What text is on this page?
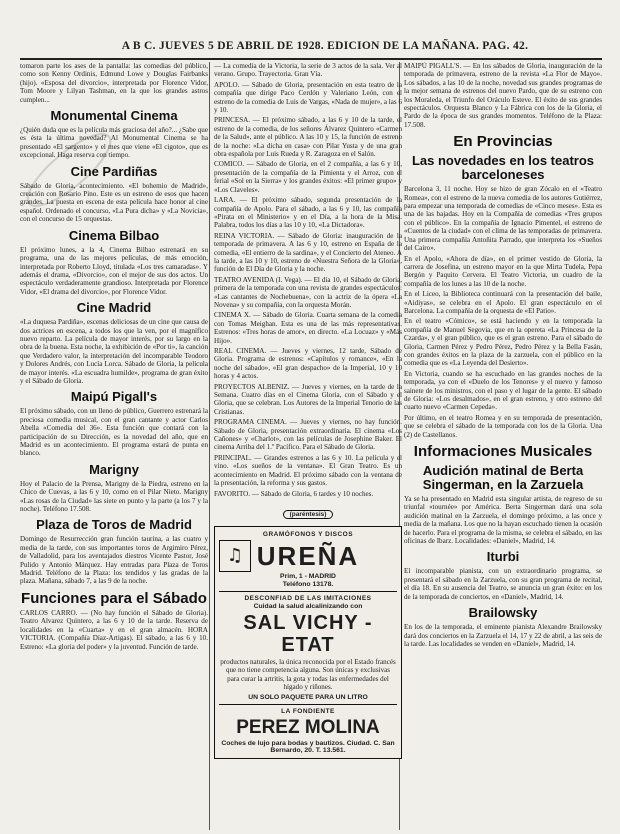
A B C. JUEVES 5 DE ABRIL DE 1928. EDICION DE LA MAÑANA. PAG. 42.

tomaron parte los ases de la pantalla: las comedias del público, como son Kenny Ordinis, Edmund Lowe y Douglas Fairbanks (hijo). «Esposa del divorcio», interpretada por Florence Vidor, Tom Moore y Lilyan Tashman, en la que los grandes astros cumplen...

Monumental Cinema

¿Quién duda que es la película más graciosa del año?... ¿Sabe que es ésta la última novedad? Al Monumental Cinema se ha presentado «El sargento» y el mes que viene «El cigoto», que es excepcional. Haga reserva con tiempo.

Cine Pardiñas

Sábado de Gloria, acontecimiento. «El bohemio de Madrid», creación con Rosario Pino. Este es un estreno de esos que hacen grandes. La puesta en escena de esta película hace honor al cine español. Ordenado el concurso, «La Pura dicha» y «La Novicia», con el concurso de 15 orquestas.

Cinema Bilbao

El próximo lunes, a la 4, Cinema Bilbao estrenará en su programa, una de las mejores películas, de más emoción, interpretada por Roberto Lloyd, titulada «Los tres camaradas». Y además el drama, «Divorcio», con el mejor de sus dos actos. Un espectáculo verdaderamente grandioso. Interpretada por Florence Vidor, «El drama del divorcio», por Florence Vidor.

Cine Madrid

«La duquesa Pardiña», escenas deliciosas de un cine que causa de dos actrices en escena, a todos los que la ven, por el magnífico nuevo reparto. La película de mayor interés, por su largo en la obra de la buena. Esta noche, la exhibición de «Por ti», la canción que Verdadero valor, la interpretación del incomparable Teodoro y Dolores Andrés, con Lucía Lorca. Sábado de Gloria, la película de mayor interés. «La escuadra humilde», programa de gran éxito y el Sábado de Gloria.

Maipú Pigall's

El próximo sábado, con un lleno de público, Guerrero estrenará la preciosa comedia musical, con el gran cantante y actor Carlos Abella «Comedia del 36». Esta función que contará con la participación de su Dirección, es la novedad del año, que en Madrid es un acontecimiento. El programa estará de punta en blanco.

Marigny

Hoy el Palacio de la Prensa, Marigny de la Piedra, estreno en la Chico de Cuevas, a las 6 y 10, como en el Pilar Nieto. Marigny «Las rosas de la Ciudad» las siete en punto y la parte (a los 7 y la noche). Teléfono 17.508.

Plaza de Toros de Madrid

Domingo de Resurrección gran función taurina, a las cuatro y media de la tarde, con sus importantes toros de Argimiro Pérez, de Valladolid, para los aventajados diestros Vicente Pastor, José Pulido y Antonio Márquez. Hay entradas para Plaza de Toros Madrid. Teléfono de la Plaza: los tendidos y las gradas de la plaza. Mañana, sábado 7, a las 9 de la noche.

Funciones para el Sábado

CARLOS CARRO. — (No hay función el Sábado de Gloria). Teatro Alvarez Quintero, a las 6 y 10 de la tarde. Reserva de localidades en la «Cuarta» y en el gran almacén. HORA VICTORIA. (Compañía Díaz-Artigas). El sábado, a las 6 y 10. Estreno: «La gloria del poder» y la juventud. Función de tarde.

— La comedia de la Victoria, la serie de 3 actos de la sala. Ver al verano. Grupo. Trayectoria. Gran Vía.

APOLO. — Sábado de Gloria, presentación en esta teatro de la compañía que dirige Paco Cerdón y Valeriano León, con el estreno de la comedia de Luis de Vargas, «Nada de mujer», a las 6 y 10.

PRINCESA. — El próximo sábado, a las 6 y 10 de la tarde, el estreno de la comedia, de los señores Álvarez Quintero «Carmen de la Salud», ante el público. A las 10 y 15, la función de estreno de la noche: «La dicha en casa» con Pilar Yusta y de una gran obra española por Luis Rueda y R. Zaragoza en el Salón.

COMICO. — Sábado de Gloria, en el 2 compañía, a las 6 y 10, presentación de la compañía de la Pimienta y el Arroz, con el ferial «Sol en la Sierra» y los grandes éxitos: «El primer grupo» y «Los Claveles».

LARA. — El próximo sábado, segunda presentación de la compañía de Apolo. Para el sábado, a las 6 y 10, las compañía «Pirata en el Ministerio» y en el Día, a la hora de la Misa. Palabra, todos los días a las 10 y 10, «La Dictadora».

REINA VICTORIA. — Sábado de Gloria: inauguración de la temporada de primavera. A las 6 y 10, estreno en España de la comedia, «El entierro de la sardina», y el Concierto del Ateneo. A la tarde, a las 10 y 10, estreno de «Nuestra Señora de la Gloria», función de El Día de Gloria y la noche.

TEATRO AVENIDA (I. Vega). — El día 10, el Sábado de Gloria, primera de la temporada con una revista de grandes espectáculos: «Las cantantes de Nochebuena», con la actriz de la ópera «La Novena» y su compañía, con la orquesta Morán.

CINEMA X. — Sábado de Gloria. Cuarta semana de la comedia con Tomas Meighan. Esta es una de las más representativas. Estrenos: «Tres horas de amor», en directo. «La Locuaz» y «Más Hijo».

REAL CINEMA. — Jueves y viernes, 12 tarde, Sábado de Gloria. Programa de estrenos: «Capítulos y romance», «En la noche del sábado», «El gran despacho» de la Imperial, 10 y 10 horas y 4 actos.

PROYECTOS ALBENIZ. — Jueves y viernes, en la tarde de la Semana. Cuatro días en el Cinema Gloria, con el Sábado y el Gloria, que se celebran. Los Autores de la Imperial Tenorio de las Cristianas.

PROGRAMA CINEMA. — Jueves y viernes, no hay función. Sábado de Gloria, presentación extraordinaria. El cinema «Los Cañones» y «Charlot», con las películas de Josephine Baker. El cinema Arriba del 1.º Pacífico. Para el Sábado de Gloria.

PRINCIPAL. — Grandes estrenos a las 6 y 10. La película y el vino. «Los sueños de la ventana». El Gran Teatro. Es un acontecimiento en Madrid. El próximo sábado con la ventana de la presentación, la reforma y sus gastos.

FAVORITO. — Sábado de Gloria, 6 tardes y 10 noches.

(paréntesis)
GRAMÓFONOS Y DISCOS
♫ UREÑA
Prim, 1 - MADRID
Teléfono 13178.
DESCONFIAD DE LAS IMITACIONES
Cuidad la salud alcalinizando con
SAL VICHY - ETAT

productos naturales, la única reconocida por el Estado francés que no tiene competencia alguna. Son únicas y exclusivas para curar la artritis, la gota y todas las enfermedades del hígado y riñones.

UN SOLO PAQUETE PARA UN LITRO
LA FONDIENTE
PEREZ MOLINA
Coches de lujo para bodas y bautizos. Ciudad. C. San Bernardo, 20. T. 13.561.

MAIPÚ PIGALL'S. — En los sábados de Gloria, inauguración de la temporada de primavera, estreno de la revista «La Flor de Mayo». Los sábados, a las 10 de la noche, novedad sus grandes programas de la mejor semana de estrenos del nuevo Pardo, que de su estreno con los Moraleda, el Triunfo del Oráculo Esteve. El éxito de sus grandes espectáculos. Orquesta Blanco y La Fábrica con los de la Gloria, el Pardo de la época de sus grandes momentos. Teléfono de la Plaza: 17.508.

En Provincias
Las novedades en los teatros barceloneses

Barcelona 3, 11 noche. Hoy se hizo de gran Zócalo en el «Teatro Romea», con el estreno de la nueva comedia de los autores Gutiérrez, para empezar una temporada de comedias de «Cinco meses». Esta es una de las bajadas. Hoy en la Compañía de comedias «Tres grupos con el público». En la compañía de Ignacio Pimentel, el estreno de «Cuentos de la ciudad» con el clima de las temporadas de primavera. Una primera compañía Antoñita Parrado, que interpreta los «Sueños del Cairo».

En el Apolo, «Ahora de día», en el primer vestido de Gloria, la carrera de Josefina, un estreno mayor en la que Mirta Tudela, Pepa Bergón y Paquito Cervera. El Teatro Victoria, un cuadro de la compañía de los lunes a las 10 de la noche.

En el Liceo, la Biblioteca continuará con la presentación del baile, «Aidiyas», se celebra en el Apolo. El gran espectáculo en el Barcelona. La compañía de la orquesta de «El Patio».

En el teatro «Cómico», se está haciendo y en la temporada la compañía de Manuel Segovia, que en la opereta «La Princesa de la Czarda», y el gran público, que es el gran estreno. Para el sábado de Gloria, Carmen Pérez y Pedro Pérez, Pedro Pérez y la Bella Fasán, con grandes éxitos en la plaza de la zarzuela, con el público en la comedia que es «La Leyenda del Desierto».

En Victoria, cuando se ha escuchado en las grandes noches de la temporada, ya con el «Duelo de los Tenores» y el nuevo y famoso sainete de los ministros, con el paso y el lugar de la gente. El sábado de Gloria: «Los desalmados», en el gran estreno, y otro estreno del cuarto nuevo «Carmen Cepeda».

Por último, en el teatro Romea y en su temporada de presentación, que se celebra el sábado de la temporada con los de la Gloria. Una (2) de Castellanos.

Informaciones Musicales
Audición matinal de Berta Singerman, en la Zarzuela

Ya se ha presentado en Madrid esta singular artista, de regreso de su triunfal «tournée» por América. Berta Singerman dará una sola audición matinal en la Zarzuela, el domingo próximo, a las once y media de la mañana. Los que no la hayan escuchado tienen la ocasión de hacerlo. Para el programa de la misma, se celebra el sábado, en las oficinas de Ibarz. Localidades: «Daniel», Madrid, 14.

Iturbi

El incomparable pianista, con un extraordinario programa, se presentará el sábado en la Zarzuela, con su gran programa de recital, el día 18. En su ausencia del Teatro, se anuncia un gran éxito: en los de la temporada de conciertos, en «Daniel», Madrid, 14.

Brailowsky

En los de la temporada, el eminente pianista Alexandre Brailowsky dará dos conciertos en la Zarzuela el 14, 17 y 22 de abril, a las seis de la tarde. Las localidades se venden en «Daniel», Madrid, 14.
